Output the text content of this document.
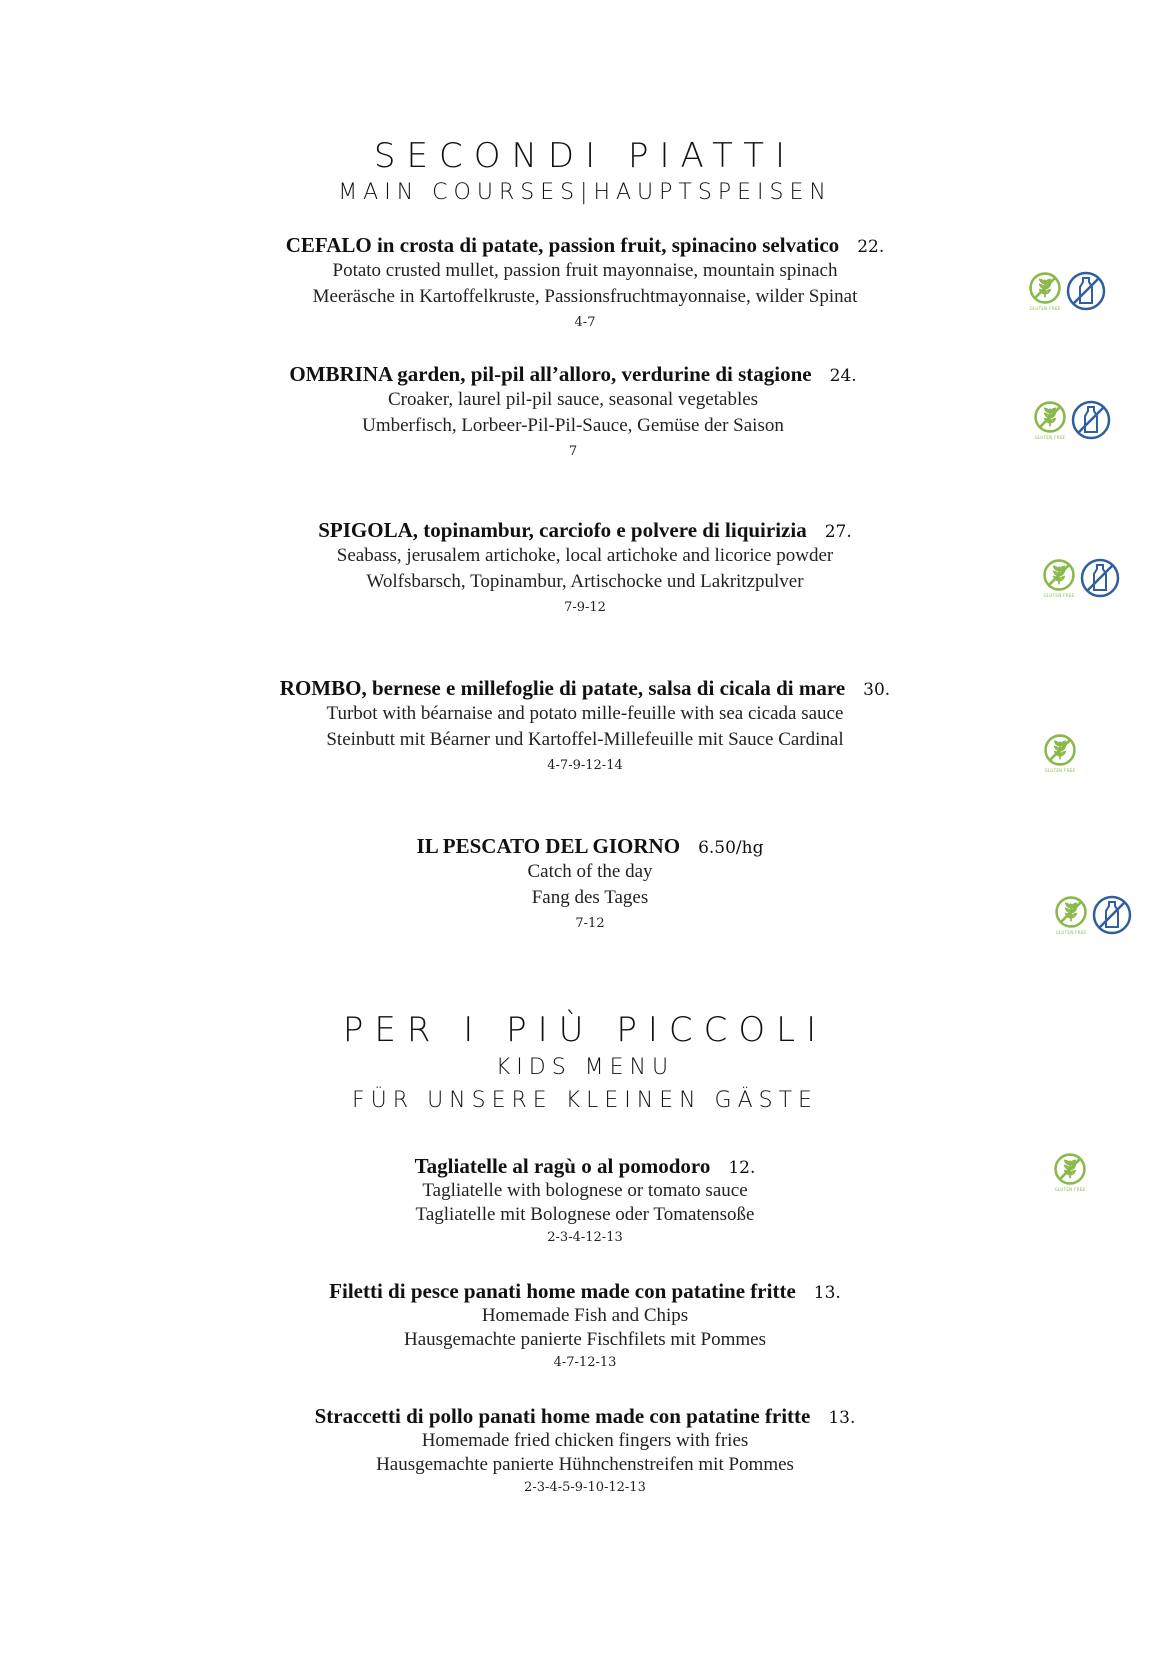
SECONDI PIATTI
MAIN COURSES|HAUPTSPEISEN
CEFALO in crosta di patate, passion fruit, spinacino selvatico 22.
Potato crusted mullet, passion fruit mayonnaise, mountain spinach
Meeräsche in Kartoffelkruste, Passionsfruchtmayonnaise, wilder Spinat
4-7
GLUTEN FREE
OMBRINA garden, pil-pil all’alloro, verdurine di stagione 24.
Croaker, laurel pil-pil sauce, seasonal vegetables
Umberfisch, Lorbeer-Pil-Pil-Sauce, Gemüse der Saison
7
GLUTEN FREE
SPIGOLA, topinambur, carciofo e polvere di liquirizia 27.
Seabass, jerusalem artichoke, local artichoke and licorice powder
Wolfsbarsch, Topinambur, Artischocke und Lakritzpulver
7-9-12
GLUTEN FREE
ROMBO, bernese e millefoglie di patate, salsa di cicala di mare 30.
Turbot with béarnaise and potato mille-feuille with sea cicada sauce
Steinbutt mit Béarner und Kartoffel-Millefeuille mit Sauce Cardinal
4-7-9-12-14	GLUTEN FREE
IL PESCATO DEL GIORNO 6.50/hg
Catch of the day
Fang des Tages
7-12
GLUTEN FREE
PER I PIÙ PICCOLI
KIDS MENU
FÜR UNSERE KLEINEN GÄSTE
Tagliatelle al ragù o al pomodoro 12.
Tagliatelle with bolognese or tomato sauce
Tagliatelle mit Bolognese oder Tomatensoße
2-3-4-12-13
GLUTEN FREE
Filetti di pesce panati home made con patatine fritte 13.
Homemade Fish and Chips
Hausgemachte panierte Fischfilets mit Pommes
4-7-12-13
Straccetti di pollo panati home made con patatine fritte 13.
Homemade fried chicken fingers with fries
Hausgemachte panierte Hühnchenstreifen mit Pommes
2-3-4-5-9-10-12-13
